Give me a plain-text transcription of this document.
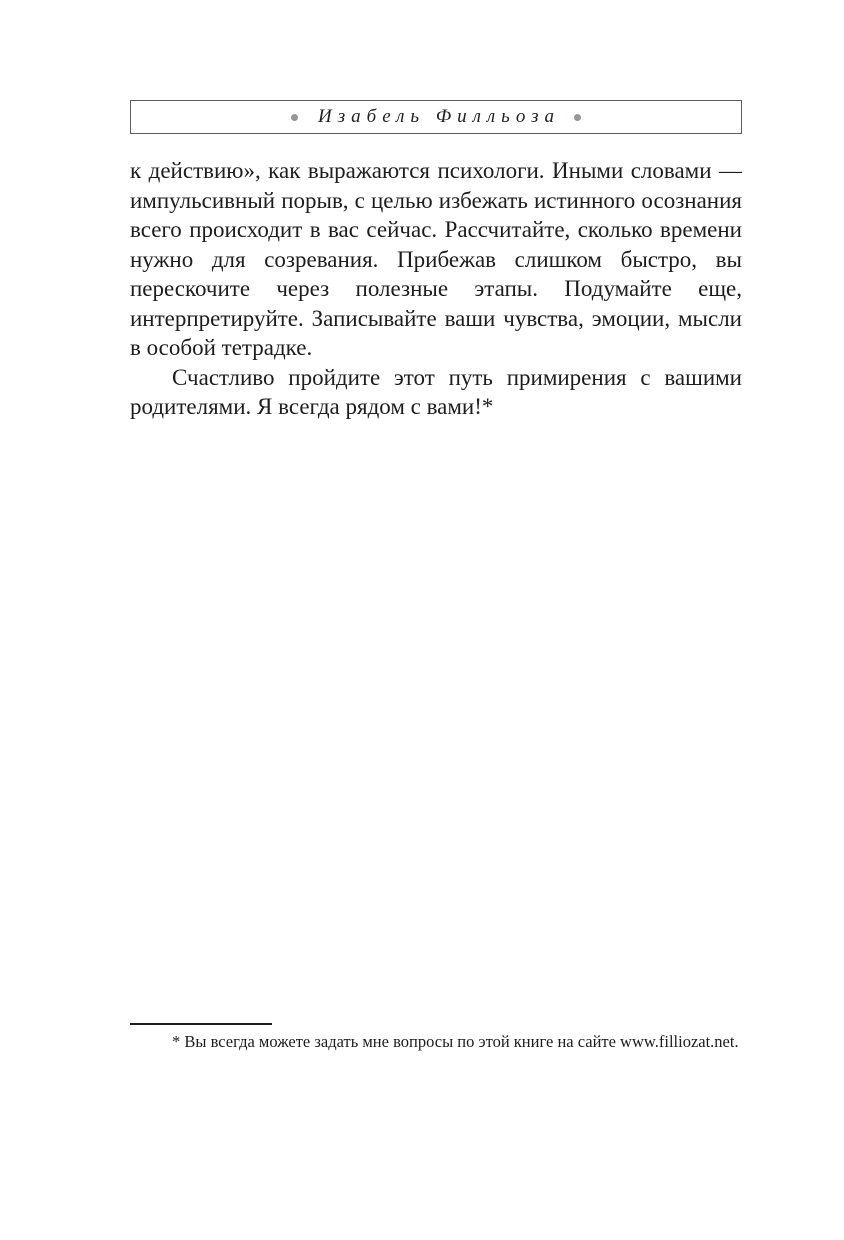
Изабель Филльоза

к действию», как выражаются психологи. Иными словами — импульсивный порыв, с целью избежать истинного осознания всего происходит в вас сейчас. Рассчитайте, сколько времени нужно для созревания. Прибежав слишком быстро, вы перескочите через полезные этапы. Подумайте еще, интерпретируйте. Записывайте ваши чувства, эмоции, мысли в особой тетрадке.

Счастливо пройдите этот путь примирения с вашими родителями. Я всегда рядом с вами!*

* Вы всегда можете задать мне вопросы по этой книге на сайте www.filliozat.net.
